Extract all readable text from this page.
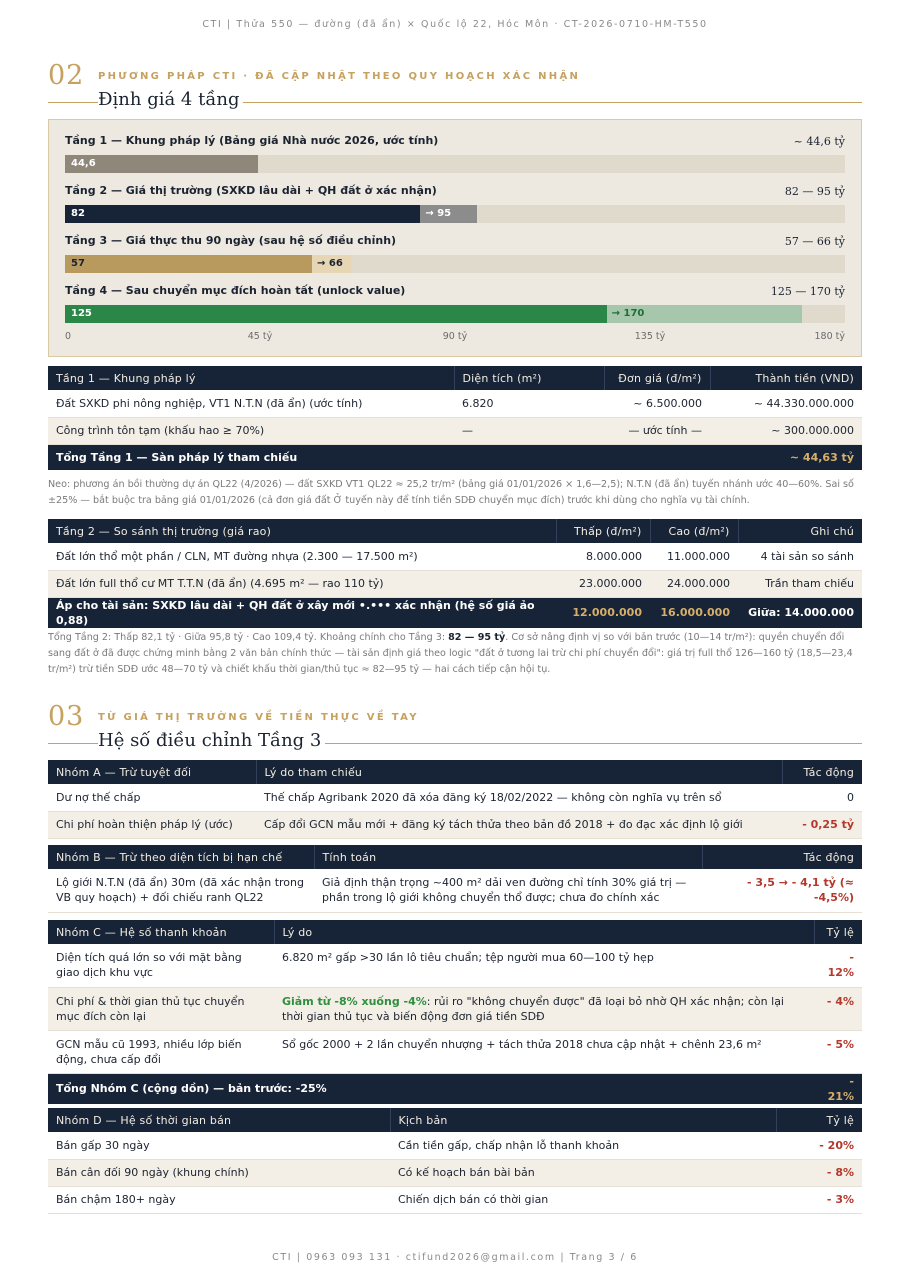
CTI | Thửa 550 — đường (đã ẩn) × Quốc lộ 22, Hóc Môn · CT-2026-0710-HM-T550
02 PHƯƠNG PHÁP CTI · ĐÃ CẬP NHẬT THEO QUY HOẠCH XÁC NHẬN
Định giá 4 tầng
Tầng 1 — Khung pháp lý (Bảng giá Nhà nước 2026, ước tính)	~ 44,6 tỷ
44,6
Tầng 2 — Giá thị trường (SXKD lâu dài + QH đất ở xác nhận)	82 — 95 tỷ
→ 95
82
Tầng 3 — Giá thực thu 90 ngày (sau hệ số điều chỉnh)	57 — 66 tỷ
→ 66
57
Tầng 4 — Sau chuyển mục đích hoàn tất (unlock value)	125 — 170 tỷ
→ 170
125
0	45 tỷ	90 tỷ	135 tỷ	180 tỷ
Tầng 1 — Khung pháp lý	Diện tích (m²)	Đơn giá (đ/m²)	Thành tiền (VND)
Đất SXKD phi nông nghiệp, VT1 N.T.N (đã ẩn) (ước tính)	6.820	~ 6.500.000	~ 44.330.000.000
Công trình tôn tạm (khấu hao ≥ 70%)	—	— ước tính —	~ 300.000.000
Tổng Tầng 1 — Sàn pháp lý tham chiếu			~ 44,63 tỷ
Neo: phương án bồi thường dự án QL22 (4/2026) — đất SXKD VT1 QL22 ≈ 25,2 tr/m² (bảng giá 01/01/2026 × 1,6—2,5); N.T.N (đã ẩn) tuyến nhánh ước 40—60%. Sai số ±25% — bắt buộc tra bảng giá 01/01/2026 (cả đơn giá đất Ở tuyến này để tính tiền SDĐ chuyển mục đích) trước khi dùng cho nghĩa vụ tài chính.
Tầng 2 — So sánh thị trường (giá rao)	Thấp (đ/m²)	Cao (đ/m²)	Ghi chú
Đất lớn thổ một phần / CLN, MT đường nhựa (2.300 — 17.500 m²)	8.000.000	11.000.000	4 tài sản so sánh
Đất lớn full thổ cư MT T.T.N (đã ẩn) (4.695 m² — rao 110 tỷ)	23.000.000	24.000.000	Trần tham chiếu
Áp cho tài sản: SXKD lâu dài + QH đất ở xây mới •.••• xác nhận (hệ số giá ảo 0,88)	12.000.000	16.000.000	Giữa: 14.000.000
Tổng Tầng 2: Thấp 82,1 tỷ · Giữa 95,8 tỷ · Cao 109,4 tỷ. Khoảng chính cho Tầng 3: 82 — 95 tỷ. Cơ sở nâng định vị so với bản trước (10—14 tr/m²): quyền chuyển đổi sang đất ở đã được chứng minh bằng 2 văn bản chính thức — tài sản định giá theo logic "đất ở tương lai trừ chi phí chuyển đổi": giá trị full thổ 126—160 tỷ (18,5—23,4 tr/m²) trừ tiền SDĐ ước 48—70 tỷ và chiết khấu thời gian/thủ tục ≈ 82—95 tỷ — hai cách tiếp cận hội tụ.
03 TỪ GIÁ THỊ TRƯỜNG VỀ TIỀN THỰC VỀ TAY
Hệ số điều chỉnh Tầng 3
Nhóm A — Trừ tuyệt đối	Lý do tham chiếu	Tác động
Dư nợ thế chấp	Thế chấp Agribank 2020 đã xóa đăng ký 18/02/2022 — không còn nghĩa vụ trên sổ	0
Chi phí hoàn thiện pháp lý (ước)	Cấp đổi GCN mẫu mới + đăng ký tách thửa theo bản đồ 2018 + đo đạc xác định lộ giới	- 0,25 tỷ
Nhóm B — Trừ theo diện tích bị hạn chế	Tính toán	Tác động
Lộ giới N.T.N (đã ẩn) 30m (đã xác nhận trong VB quy hoạch) + đối chiếu ranh QL22	Giả định thận trọng ~400 m² dải ven đường chỉ tính 30% giá trị — phần trong lộ giới không chuyển thổ được; chưa đo chính xác	- 3,5 → - 4,1 tỷ (≈ -4,5%)
Nhóm C — Hệ số thanh khoản	Lý do	Tỷ lệ
Diện tích quá lớn so với mặt bằng giao dịch khu vực	6.820 m² gấp >30 lần lô tiêu chuẩn; tệp người mua 60—100 tỷ hẹp	- 12%
Chi phí & thời gian thủ tục chuyển mục đích còn lại	Giảm từ -8% xuống -4%: rủi ro "không chuyển được" đã loại bỏ nhờ QH xác nhận; còn lại thời gian thủ tục và biến động đơn giá tiền SDĐ	- 4%
GCN mẫu cũ 1993, nhiều lớp biến động, chưa cấp đổi	Sổ gốc 2000 + 2 lần chuyển nhượng + tách thửa 2018 chưa cập nhật + chênh 23,6 m²	- 5%
Tổng Nhóm C (cộng dồn) — bản trước: -25%		- 21%
Nhóm D — Hệ số thời gian bán	Kịch bản	Tỷ lệ
Bán gấp 30 ngày	Cần tiền gấp, chấp nhận lỗ thanh khoản	- 20%
Bán cân đối 90 ngày (khung chính)	Có kế hoạch bán bài bản	- 8%
Bán chậm 180+ ngày	Chiến dịch bán có thời gian	- 3%
CTI | 0963 093 131 · ctifund2026@gmail.com | Trang 3 / 6
